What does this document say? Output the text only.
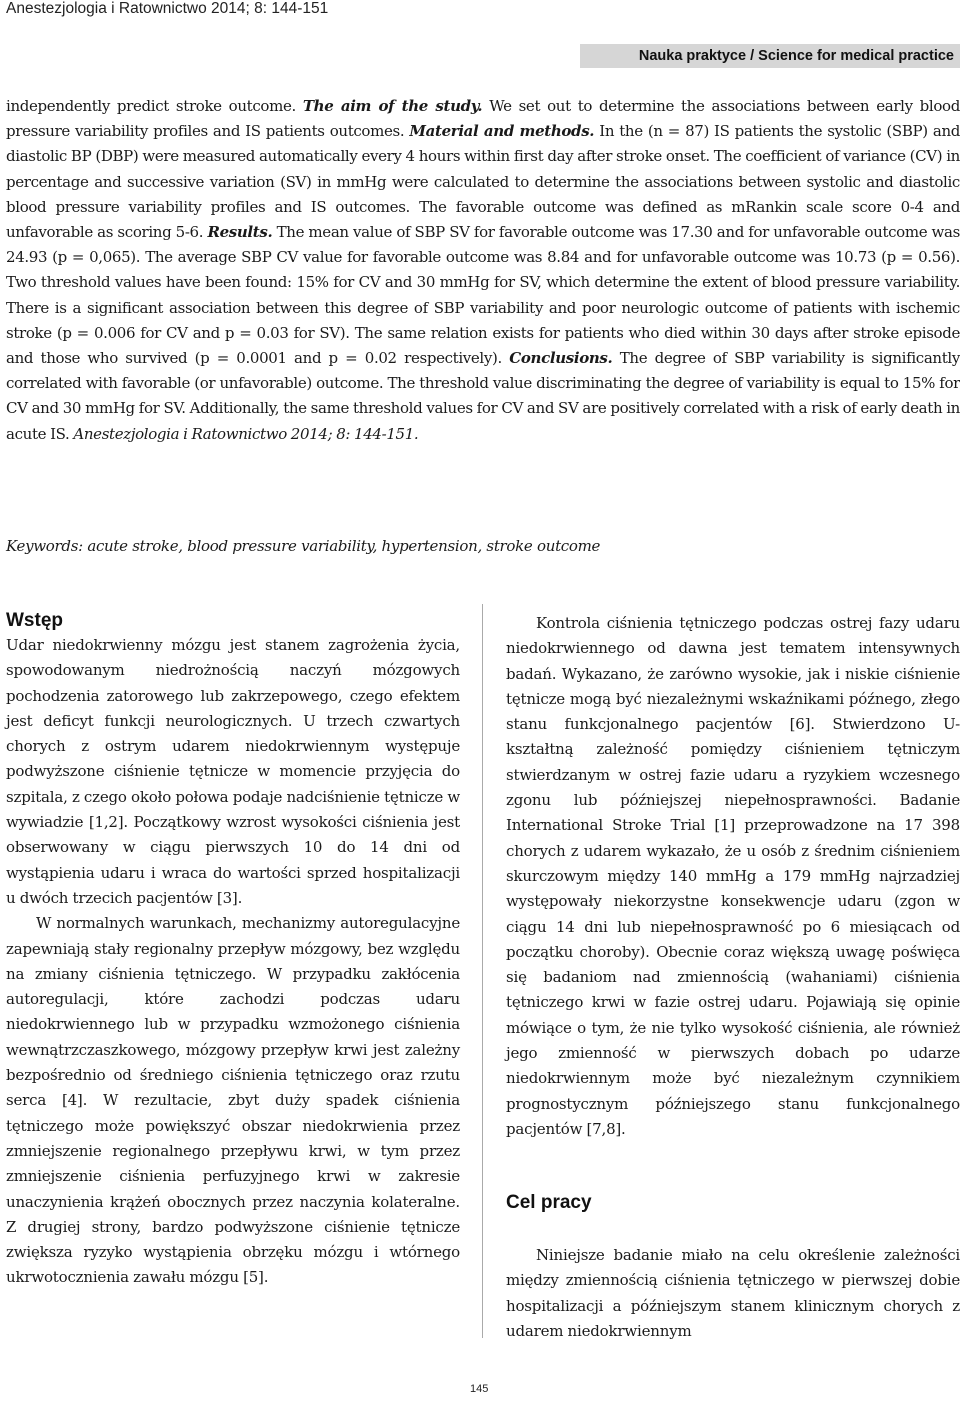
Anestezjologia i Ratownictwo 2014; 8: 144-151
Nauka praktyce / Science for medical practice

independently predict stroke outcome. The aim of the study. We set out to determine the associations between early blood pressure variability profiles and IS patients outcomes. Material and methods. In the (n = 87) IS patients the systolic (SBP) and diastolic BP (DBP) were measured automatically every 4 hours within first day after stroke onset. The coefficient of variance (CV) in percentage and successive variation (SV) in mmHg were calculated to determine the associations between systolic and diastolic blood pressure variability profiles and IS outcomes. The favorable outcome was defined as mRankin scale score 0-4 and unfavorable as scoring 5-6. Results. The mean value of SBP SV for favorable outcome was 17.30 and for unfavorable outcome was 24.93 (p = 0,065). The average SBP CV value for favorable outcome was 8.84 and for unfavorable outcome was 10.73 (p = 0.56). Two threshold values have been found: 15% for CV and 30 mmHg for SV, which determine the extent of blood pressure variability. There is a significant association between this degree of SBP variability and poor neurologic outcome of patients with ischemic stroke (p = 0.006 for CV and p = 0.03 for SV). The same relation exists for patients who died within 30 days after stroke episode and those who survived (p = 0.0001 and p = 0.02 respectively). Conclusions. The degree of SBP variability is significantly correlated with favorable (or unfavorable) outcome. The threshold value discriminating the degree of variability is equal to 15% for CV and 30 mmHg for SV. Additionally, the same threshold values for CV and SV are positively correlated with a risk of early death in acute IS. Anestezjologia i Ratownictwo 2014; 8: 144-151.

Keywords: acute stroke, blood pressure variability, hypertension, stroke outcome
Wstęp

Udar niedokrwienny mózgu jest stanem zagrożenia życia, spowodowanym niedrożnością naczyń mózgowych pochodzenia zatorowego lub zakrzepowego, czego efektem jest deficyt funkcji neurologicznych. U trzech czwartych chorych z ostrym udarem niedokrwiennym występuje podwyższone ciśnienie tętnicze w momencie przyjęcia do szpitala, z czego około połowa podaje nadciśnienie tętnicze w wywiadzie [1,2]. Początkowy wzrost wysokości ciśnienia jest obserwowany w ciągu pierwszych 10 do 14 dni od wystąpienia udaru i wraca do wartości sprzed hospitalizacji u dwóch trzecich pacjentów [3].

W normalnych warunkach, mechanizmy autoregulacyjne zapewniają stały regionalny przepływ mózgowy, bez względu na zmiany ciśnienia tętniczego. W przypadku zakłócenia autoregulacji, które zachodzi podczas udaru niedokrwiennego lub w przypadku wzmożonego ciśnienia wewnątrzczaszkowego, mózgowy przepływ krwi jest zależny bezpośrednio od średniego ciśnienia tętniczego oraz rzutu serca [4]. W rezultacie, zbyt duży spadek ciśnienia tętniczego może powiększyć obszar niedokrwienia przez zmniejszenie regionalnego przepływu krwi, w tym przez zmniejszenie ciśnienia perfuzyjnego krwi w zakresie unaczynienia krążeń obocznych przez naczynia kolateralne. Z drugiej strony, bardzo podwyższone ciśnienie tętnicze zwiększa ryzyko wystąpienia obrzęku mózgu i wtórnego ukrwotocznienia zawału mózgu [5].

Kontrola ciśnienia tętniczego podczas ostrej fazy udaru niedokrwiennego od dawna jest tematem intensywnych badań. Wykazano, że zarówno wysokie, jak i niskie ciśnienie tętnicze mogą być niezależnymi wskaźnikami późnego, złego stanu funkcjonalnego pacjentów [6]. Stwierdzono U-kształtną zależność pomiędzy ciśnieniem tętniczym stwierdzanym w ostrej fazie udaru a ryzykiem wczesnego zgonu lub późniejszej niepełnosprawności. Badanie International Stroke Trial [1] przeprowadzone na 17 398 chorych z udarem wykazało, że u osób z średnim ciśnieniem skurczowym między 140 mmHg a 179 mmHg najrzadziej występowały niekorzystne konsekwencje udaru (zgon w ciągu 14 dni lub niepełnosprawność po 6 miesiącach od początku choroby). Obecnie coraz większą uwagę poświęca się badaniom nad zmiennością (wahaniami) ciśnienia tętniczego krwi w fazie ostrej udaru. Pojawiają się opinie mówiące o tym, że nie tylko wysokość ciśnienia, ale również jego zmienność w pierwszych dobach po udarze niedokrwiennym może być niezależnym czynnikiem prognostycznym późniejszego stanu funkcjonalnego pacjentów [7,8].

Cel pracy

Niniejsze badanie miało na celu określenie zależności między zmiennością ciśnienia tętniczego w pierwszej dobie hospitalizacji a późniejszym stanem klinicznym chorych z udarem niedokrwiennym

145
